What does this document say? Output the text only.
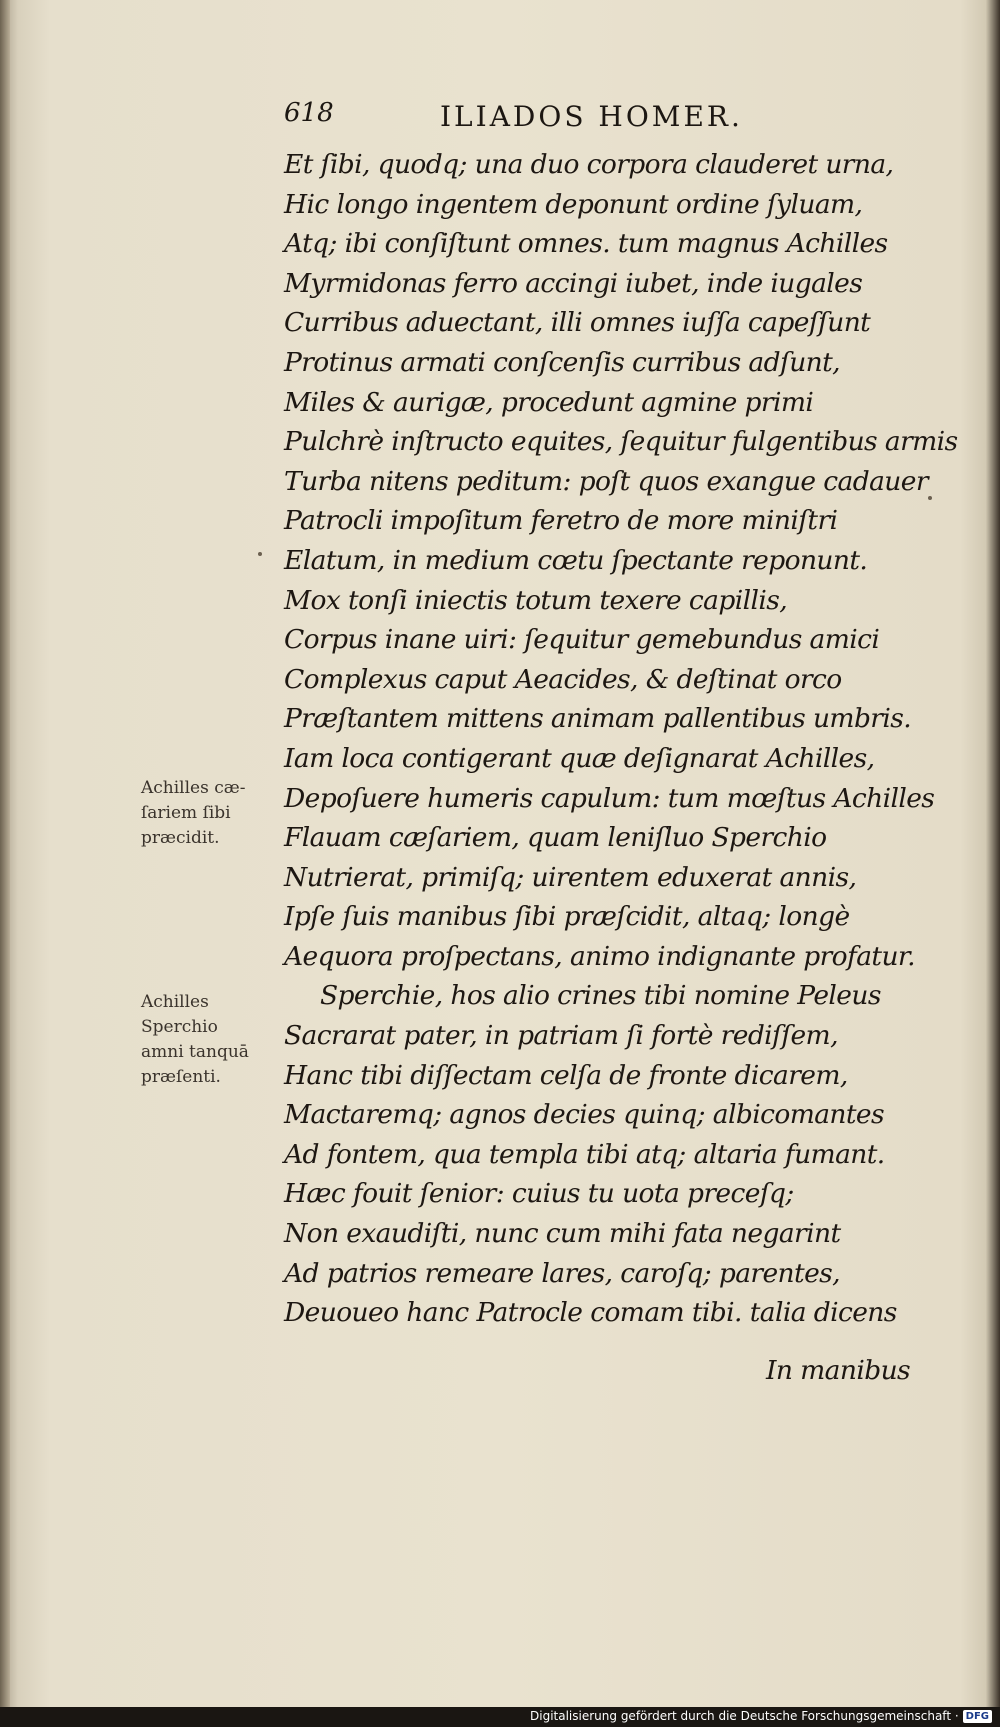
618	ILIADOS HOMER.
Et ſibi, quodq; una duo corpora clauderet urna,
Hic longo ingentem deponunt ordine ſyluam,
Atq; ibi conſiſtunt omnes. tum magnus Achilles
Myrmidonas ferro accingi iubet, inde iugales
Curribus aduectant, illi omnes iuſſa capeſſunt
Protinus armati conſcenſis curribus adſunt,
Miles & aurigæ, procedunt agmine primi
Pulchrè inſtructo equites, ſequitur fulgentibus armis
Turba nitens peditum: poſt quos exangue cadauer
Patrocli impoſitum feretro de more miniſtri
Elatum, in medium cœtu ſpectante reponunt.
Mox tonſi iniectis totum texere capillis,
Corpus inane uiri: ſequitur gemebundus amici
Complexus caput Aeacides, & deſtinat orco
Præſtantem mittens animam pallentibus umbris.
Iam loca contigerant quæ deſignarat Achilles,
Depoſuere humeris capulum: tum mœſtus Achilles
Flauam cæſariem, quam leniſluo Sperchio
Nutrierat, primiſq; uirentem eduxerat annis,
Ipſe ſuis manibus ſibi præſcidit, altaq; longè
Aequora proſpectans, animo indignante profatur.
Sperchie, hos alio crines tibi nomine Peleus
Sacrarat pater, in patriam ſi fortè rediſſem,
Hanc tibi diſſectam celſa de fronte dicarem,
Mactaremq; agnos decies quinq; albicomantes
Ad fontem, qua templa tibi atq; altaria fumant.
Hæc fouit ſenior: cuius tu uota preceſq;
Non exaudiſti, nunc cum mihi fata negarint
Ad patrios remeare lares, caroſq; parentes,
Deuoueo hanc Patrocle comam tibi. talia dicens
In manibus
Achilles cæ-
ſariem ſibi
præcidit.
Achilles
Sperchio
amni tanquā
præſenti.
Digitalisierung gefördert durch die Deutsche Forschungsgemeinschaft · DFG
